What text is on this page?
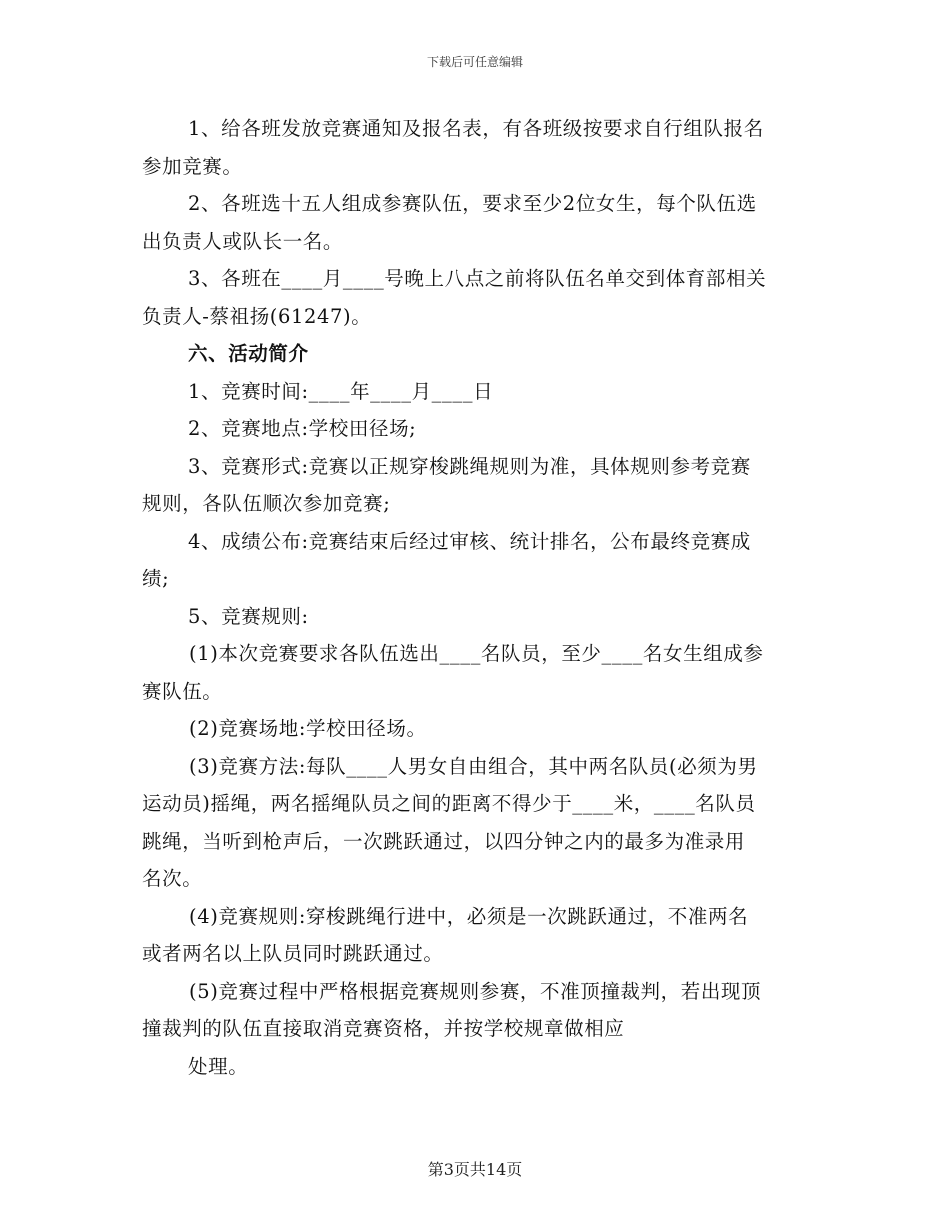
下载后可任意编辑
1、给各班发放竞赛通知及报名表，有各班级按要求自行组队报名
参加竞赛。
2、各班选十五人组成参赛队伍，要求至少2位女生，每个队伍选
出负责人或队长一名。
3、各班在____月____号晚上八点之前将队伍名单交到体育部相关
负责人-蔡祖扬(61247)。
六、活动简介
1、竞赛时间:____年____月____日
2、竞赛地点:学校田径场;
3、竞赛形式:竞赛以正规穿梭跳绳规则为准，具体规则参考竞赛
规则，各队伍顺次参加竞赛;
4、成绩公布:竞赛结束后经过审核、统计排名，公布最终竞赛成
绩;
5、竞赛规则:
(1)本次竞赛要求各队伍选出____名队员，至少____名女生组成参
赛队伍。
(2)竞赛场地:学校田径场。
(3)竞赛方法:每队____人男女自由组合，其中两名队员(必须为男
运动员)摇绳，两名摇绳队员之间的距离不得少于____米，____名队员
跳绳，当听到枪声后，一次跳跃通过，以四分钟之内的最多为准录用
名次。
(4)竞赛规则:穿梭跳绳行进中，必须是一次跳跃通过，不准两名
或者两名以上队员同时跳跃通过。
(5)竞赛过程中严格根据竞赛规则参赛，不准顶撞裁判，若出现顶
撞裁判的队伍直接取消竞赛资格，并按学校规章做相应
处理。
第3页共14页
